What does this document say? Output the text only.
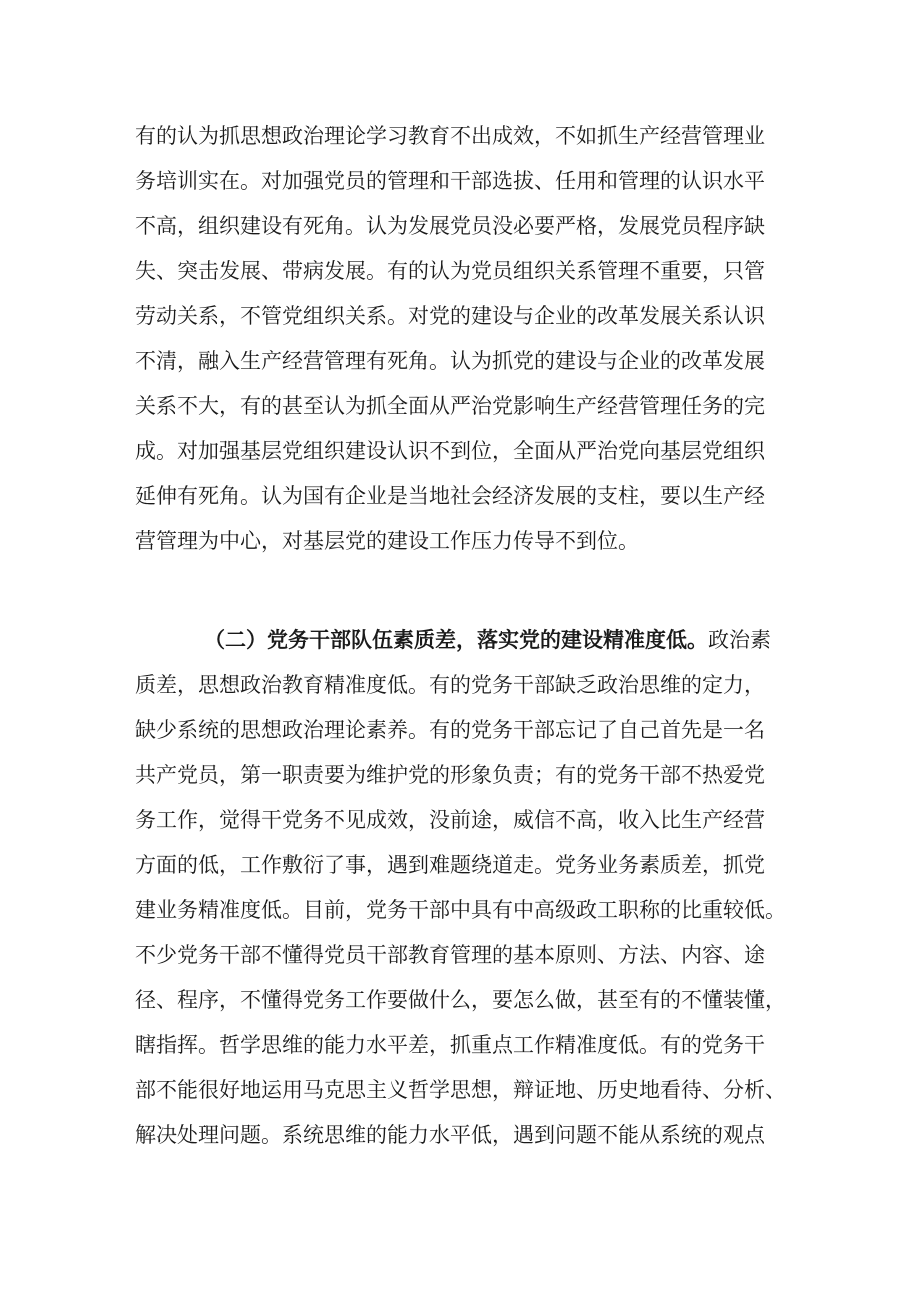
有的认为抓思想政治理论学习教育不出成效，不如抓生产经营管理业
务培训实在。对加强党员的管理和干部选拔、任用和管理的认识水平
不高，组织建设有死角。认为发展党员没必要严格，发展党员程序缺
失、突击发展、带病发展。有的认为党员组织关系管理不重要，只管
劳动关系，不管党组织关系。对党的建设与企业的改革发展关系认识
不清，融入生产经营管理有死角。认为抓党的建设与企业的改革发展
关系不大，有的甚至认为抓全面从严治党影响生产经营管理任务的完
成。对加强基层党组织建设认识不到位，全面从严治党向基层党组织
延伸有死角。认为国有企业是当地社会经济发展的支柱，要以生产经
营管理为中心，对基层党的建设工作压力传导不到位。
（二）党务干部队伍素质差，落实党的建设精准度低。政治素
质差，思想政治教育精准度低。有的党务干部缺乏政治思维的定力，
缺少系统的思想政治理论素养。有的党务干部忘记了自己首先是一名
共产党员，第一职责要为维护党的形象负责；有的党务干部不热爱党
务工作，觉得干党务不见成效，没前途，威信不高，收入比生产经营
方面的低，工作敷衍了事，遇到难题绕道走。党务业务素质差，抓党
建业务精准度低。目前，党务干部中具有中高级政工职称的比重较低。
不少党务干部不懂得党员干部教育管理的基本原则、方法、内容、途
径、程序，不懂得党务工作要做什么，要怎么做，甚至有的不懂装懂，
瞎指挥。哲学思维的能力水平差，抓重点工作精准度低。有的党务干
部不能很好地运用马克思主义哲学思想，辩证地、历史地看待、分析、
解决处理问题。系统思维的能力水平低，遇到问题不能从系统的观点
